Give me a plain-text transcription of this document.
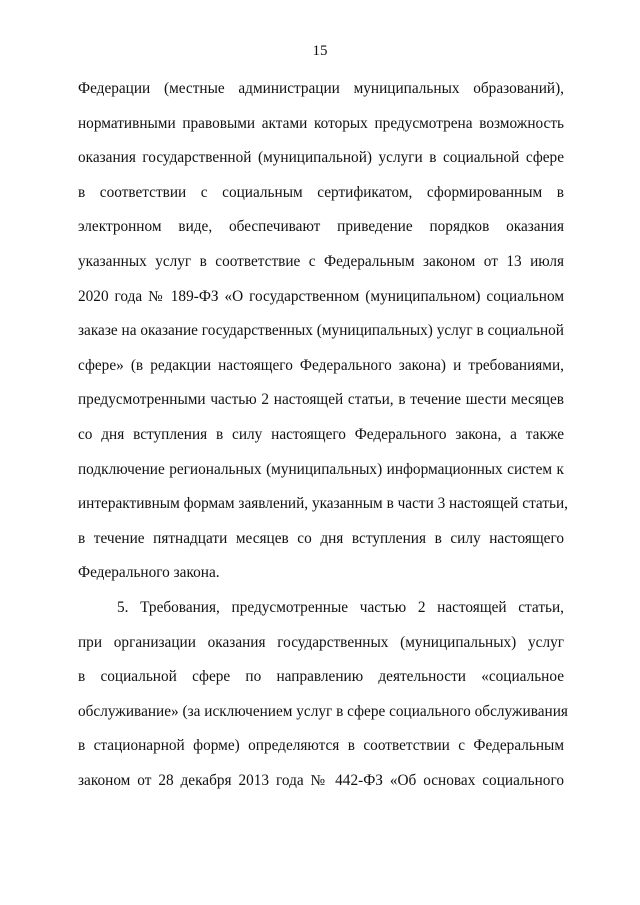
15
Федерации (местные администрации муниципальных образований),
нормативными правовыми актами которых предусмотрена возможность
оказания государственной (муниципальной) услуги в социальной сфере
в соответствии с социальным сертификатом, сформированным в
электронном виде, обеспечивают приведение порядков оказания
указанных услуг в соответствие с Федеральным законом от 13 июля
2020 года № 189-ФЗ «О государственном (муниципальном) социальном
заказе на оказание государственных (муниципальных) услуг в социальной
сфере» (в редакции настоящего Федерального закона) и требованиями,
предусмотренными частью 2 настоящей статьи, в течение шести месяцев
со дня вступления в силу настоящего Федерального закона, а также
подключение региональных (муниципальных) информационных систем к
интерактивным формам заявлений, указанным в части 3 настоящей статьи,
в течение пятнадцати месяцев со дня вступления в силу настоящего
Федерального закона.
5. Требования, предусмотренные частью 2 настоящей статьи,
при организации оказания государственных (муниципальных) услуг
в социальной сфере по направлению деятельности «социальное
обслуживание» (за исключением услуг в сфере социального обслуживания
в стационарной форме) определяются в соответствии с Федеральным
законом от 28 декабря 2013 года № 442-ФЗ «Об основах социального
